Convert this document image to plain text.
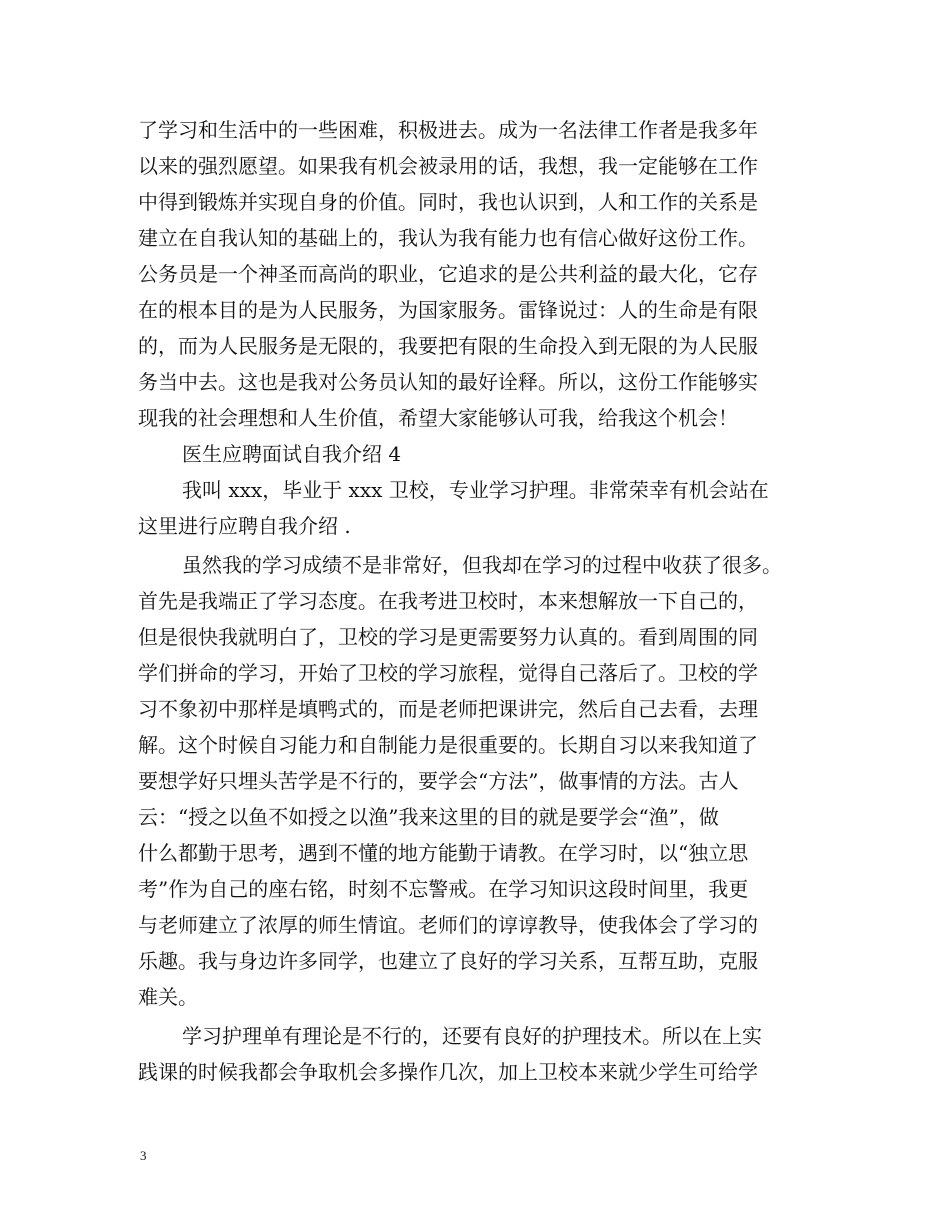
了学习和生活中的一些困难，积极进去。成为一名法律工作者是我多年
以来的强烈愿望。如果我有机会被录用的话，我想，我一定能够在工作
中得到锻炼并实现自身的价值。同时，我也认识到，人和工作的关系是
建立在自我认知的基础上的，我认为我有能力也有信心做好这份工作。
公务员是一个神圣而高尚的职业，它追求的是公共利益的最大化，它存
在的根本目的是为人民服务，为国家服务。雷锋说过：人的生命是有限
的，而为人民服务是无限的，我要把有限的生命投入到无限的为人民服
务当中去。这也是我对公务员认知的最好诠释。所以，这份工作能够实
现我的社会理想和人生价值，希望大家能够认可我，给我这个机会！
医生应聘面试自我介绍 4
我叫 xxx，毕业于 xxx 卫校，专业学习护理。非常荣幸有机会站在
这里进行应聘自我介绍 .
虽然我的学习成绩不是非常好，但我却在学习的过程中收获了很多。
首先是我端正了学习态度。在我考进卫校时，本来想解放一下自己的，
但是很快我就明白了，卫校的学习是更需要努力认真的。看到周围的同
学们拼命的学习，开始了卫校的学习旅程，觉得自己落后了。卫校的学
习不象初中那样是填鸭式的，而是老师把课讲完，然后自己去看，去理
解。这个时候自习能力和自制能力是很重要的。长期自习以来我知道了
要想学好只埋头苦学是不行的，要学会“方法”，做事情的方法。古人
云：“授之以鱼不如授之以渔”我来这里的目的就是要学会“渔”，做
什么都勤于思考，遇到不懂的地方能勤于请教。在学习时，以“独立思
考”作为自己的座右铭，时刻不忘警戒。在学习知识这段时间里，我更
与老师建立了浓厚的师生情谊。老师们的谆谆教导，使我体会了学习的
乐趣。我与身边许多同学，也建立了良好的学习关系，互帮互助，克服
难关。
学习护理单有理论是不行的，还要有良好的护理技术。所以在上实
践课的时候我都会争取机会多操作几次，加上卫校本来就少学生可给学
3
